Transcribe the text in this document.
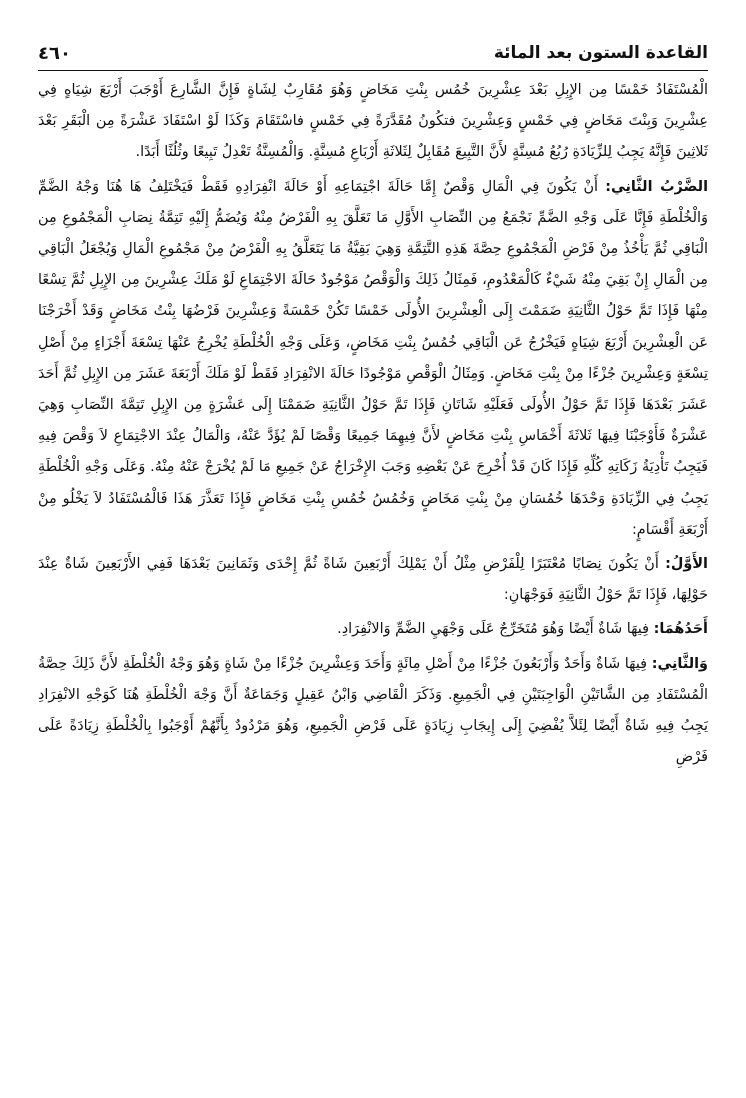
القاعدة الستون بعد المائة
٤٦٠

الْمُسْتَفَادُ خَمْسًا مِن الإِبِلِ بَعْدَ عِشْرِينَ خُمُس بِنْتِ مَخَاضٍ وَهُوَ مُقَارِبٌ لِشَاةٍ فَإِنَّ الشَّارِعَ أَوْجَبَ أَرْبَعَ شِيَاهٍ فِي عِشْرِينَ وَبِنْتَ مَخَاضٍ فِي خَمْسٍ وَعِشْرِينَ فتكُونُ مُقَدَّرَةً فِي خَمْسٍ فاسْتَقَامَ وَكَذَا لَوْ اسْتَفَادَ عَشْرَةً مِن الْبَقَرِ بَعْدَ ثَلاثِينَ فَإِنَّهُ يَجِبُ لِلزِّيَادَةِ رُبُعُ مُسِنَّةٍ لأَنَّ التَّبِيعَ مُقَابِلٌ لِثَلاثَةِ أَرْبَاعِ مُسِنَّةٍ. وَالْمُسِنَّةُ تَعْدِلُ تَبِيعًا وثُلُثًا أَبَدًا.

الضَّرْبُ الثَّانِي: أَنْ يَكُونَ فِي الْمَالِ وَقْصٌ إِمَّا حَالَةَ اجْتِمَاعِهِ أَوْ حَالَةَ انْفِرَادِهِ فَقَطْ فَيَخْتَلِفُ هَا هُنَا وَجْهُ الضَّمِّ وَالْخُلْطَةِ فَإِنَّا عَلَى وَجْهِ الضَّمِّ نَجْمَعُ مِن النِّصَابِ الأَوَّلِ مَا تَعَلَّقَ بِهِ الْفَرْضُ مِنْهُ وَيُضَمُّ إِلَيْهِ تَتِمَّةُ نِصَابِ الْمَجْمُوعِ مِن الْبَاقِي ثُمَّ يَأْخُذُ مِنْ فَرْضِ الْمَجْمُوعِ حِصَّةَ هَذِهِ التَّتِمَّةِ وَهِيَ بَقِيَّةُ مَا يَتَعَلَّقُ بِهِ الْفَرْضُ مِنْ مَجْمُوعِ الْمَالِ وَيُجْعَلُ الْبَاقِي مِن الْمَالِ إِنْ بَقِيَ مِنْهُ شَيْءٌ كَالْمَعْدُومِ، فَمِثَالُ ذَلِكَ وَالْوَقْصُ مَوْجُودٌ حَالَةَ الاجْتِمَاعِ لَوْ مَلَكَ عِشْرِينَ مِن الإِبِلِ ثُمَّ تِسْعًا مِنْهَا فَإِذَا تَمَّ حَوْلُ الثَّانِيَةِ ضَمَمْتَ إِلَى الْعِشْرِينَ الأُولَى خَمْسًا تَكُنْ خَمْسَةً وَعِشْرِينَ فَرْضُهَا بِنْتُ مَخَاضٍ وَقَدْ أَخْرَجْنَا عَن الْعِشْرِينَ أَرْبَعَ شِيَاهٍ فَيَخْرُجُ عَن الْبَاقِي خُمُسُ بِنْتِ مَخَاضٍ، وَعَلَى وَجْهِ الْخُلْطَةِ يُخْرِجُ عَنْهَا تِسْعَةَ أَجْزَاءٍ مِنْ أَصْلِ تِسْعَةٍ وَعِشْرِينَ جُزْءًا مِنْ بِنْتِ مَخَاضٍ. وَمِثَالُ الْوَقْصِ مَوْجُودًا حَالَةَ الانْفِرَادِ فَقَطْ لَوْ مَلَكَ أَرْبَعَةَ عَشَرَ مِن الإِبِلِ ثُمَّ أَحَدَ عَشَرَ بَعْدَهَا فَإِذَا تَمَّ حَوْلُ الأُولَى فَعَلَيْهِ شَاتَانِ فَإِذَا تَمَّ حَوْلُ الثَّانِيَةِ ضَمَمْنَا إِلَى عَشْرَةٍ مِن الإِبِلِ تَتِمَّةَ النِّصَابِ وَهِيَ عَشْرَةٌ فَأَوْجَبْنَا فِيهَا ثَلاثَةَ أَخْمَاسِ بِنْتِ مَخَاضٍ لأَنَّ فِيهِمَا جَمِيعًا وَقْصًا لَمْ يُؤَدَّ عَنْهُ، وَالْمَالُ عِنْدَ الاجْتِمَاعِ لاَ وَقْصَ فِيهِ فَيَجِبُ تَأْدِيَةُ زَكَاتِهِ كُلِّهِ فَإِذَا كَانَ قَدْ أُخْرِجَ عَنْ بَعْضِهِ وَجَبَ الإِخْرَاجُ عَنْ جَمِيعِ مَا لَمْ يُخْرَجْ عَنْهُ مِنْهُ. وَعَلَى وَجْهِ الْخُلْطَةِ يَجِبُ فِي الزِّيَادَةِ وَحْدَهَا خُمُسَانِ مِنْ بِنْتِ مَخَاضٍ وَخُمُسُ خُمُسِ بِنْتِ مَخَاضٍ فَإِذَا تَعَذَّرَ هَذَا فَالْمُسْتَفَادُ لاَ يَخْلُو مِنْ أَرْبَعَةِ أَقْسَامٍ:

الأَوَّلُ: أَنْ يَكُونَ نِصَابًا مُعْتَبَرًا لِلْفَرْضِ مِثْلُ أَنْ يَمْلِكَ أَرْبَعِينَ شَاةً ثُمَّ إِحْدَى وَثَمَانِينَ بَعْدَهَا فَفِي الأَرْبَعِينَ شَاةٌ عِنْدَ حَوْلِهَا، فَإِذَا تَمَّ حَوْلُ الثَّانِيَةِ فَوَجْهَانِ:

أَحَدُهُمَا: فِيهَا شَاةٌ أَيْضًا وَهُوَ مُتَخَرِّجٌ عَلَى وَجْهَيِ الضَّمِّ وَالانْفِرَادِ.

وَالثَّانِي: فِيهَا شَاةٌ وَأَحَدٌ وَأَرْبَعُونَ جُزْءًا مِنْ أَصْلِ مِائَةٍ وَأَحَدَ وَعِشْرِينَ جُزْءًا مِنْ شَاةٍ وَهُوَ وَجْهُ الْخُلْطَةِ لأَنَّ ذَلِكَ حِصَّةُ الْمُسْتَفَادِ مِن الشَّاتَيْنِ الْوَاجِبَتَيْنِ فِي الْجَمِيعِ. وَذَكَرَ الْقَاضِي وَابْنُ عَقِيلٍ وَجَمَاعَةٌ أَنَّ وَجْهَ الْخُلْطَةِ هُنَا كَوَجْهِ الانْفِرَادِ يَجِبُ فِيهِ شَاةٌ أَيْضًا لِئَلاَّ يُفْضِيَ إِلَى إِيجَابِ زِيَادَةٍ عَلَى فَرْضِ الْجَمِيعِ، وَهُوَ مَرْدُودٌ بِأَنَّهُمْ أَوْجَبُوا بِالْخُلْطَةِ زِيَادَةً عَلَى فَرْضِ
